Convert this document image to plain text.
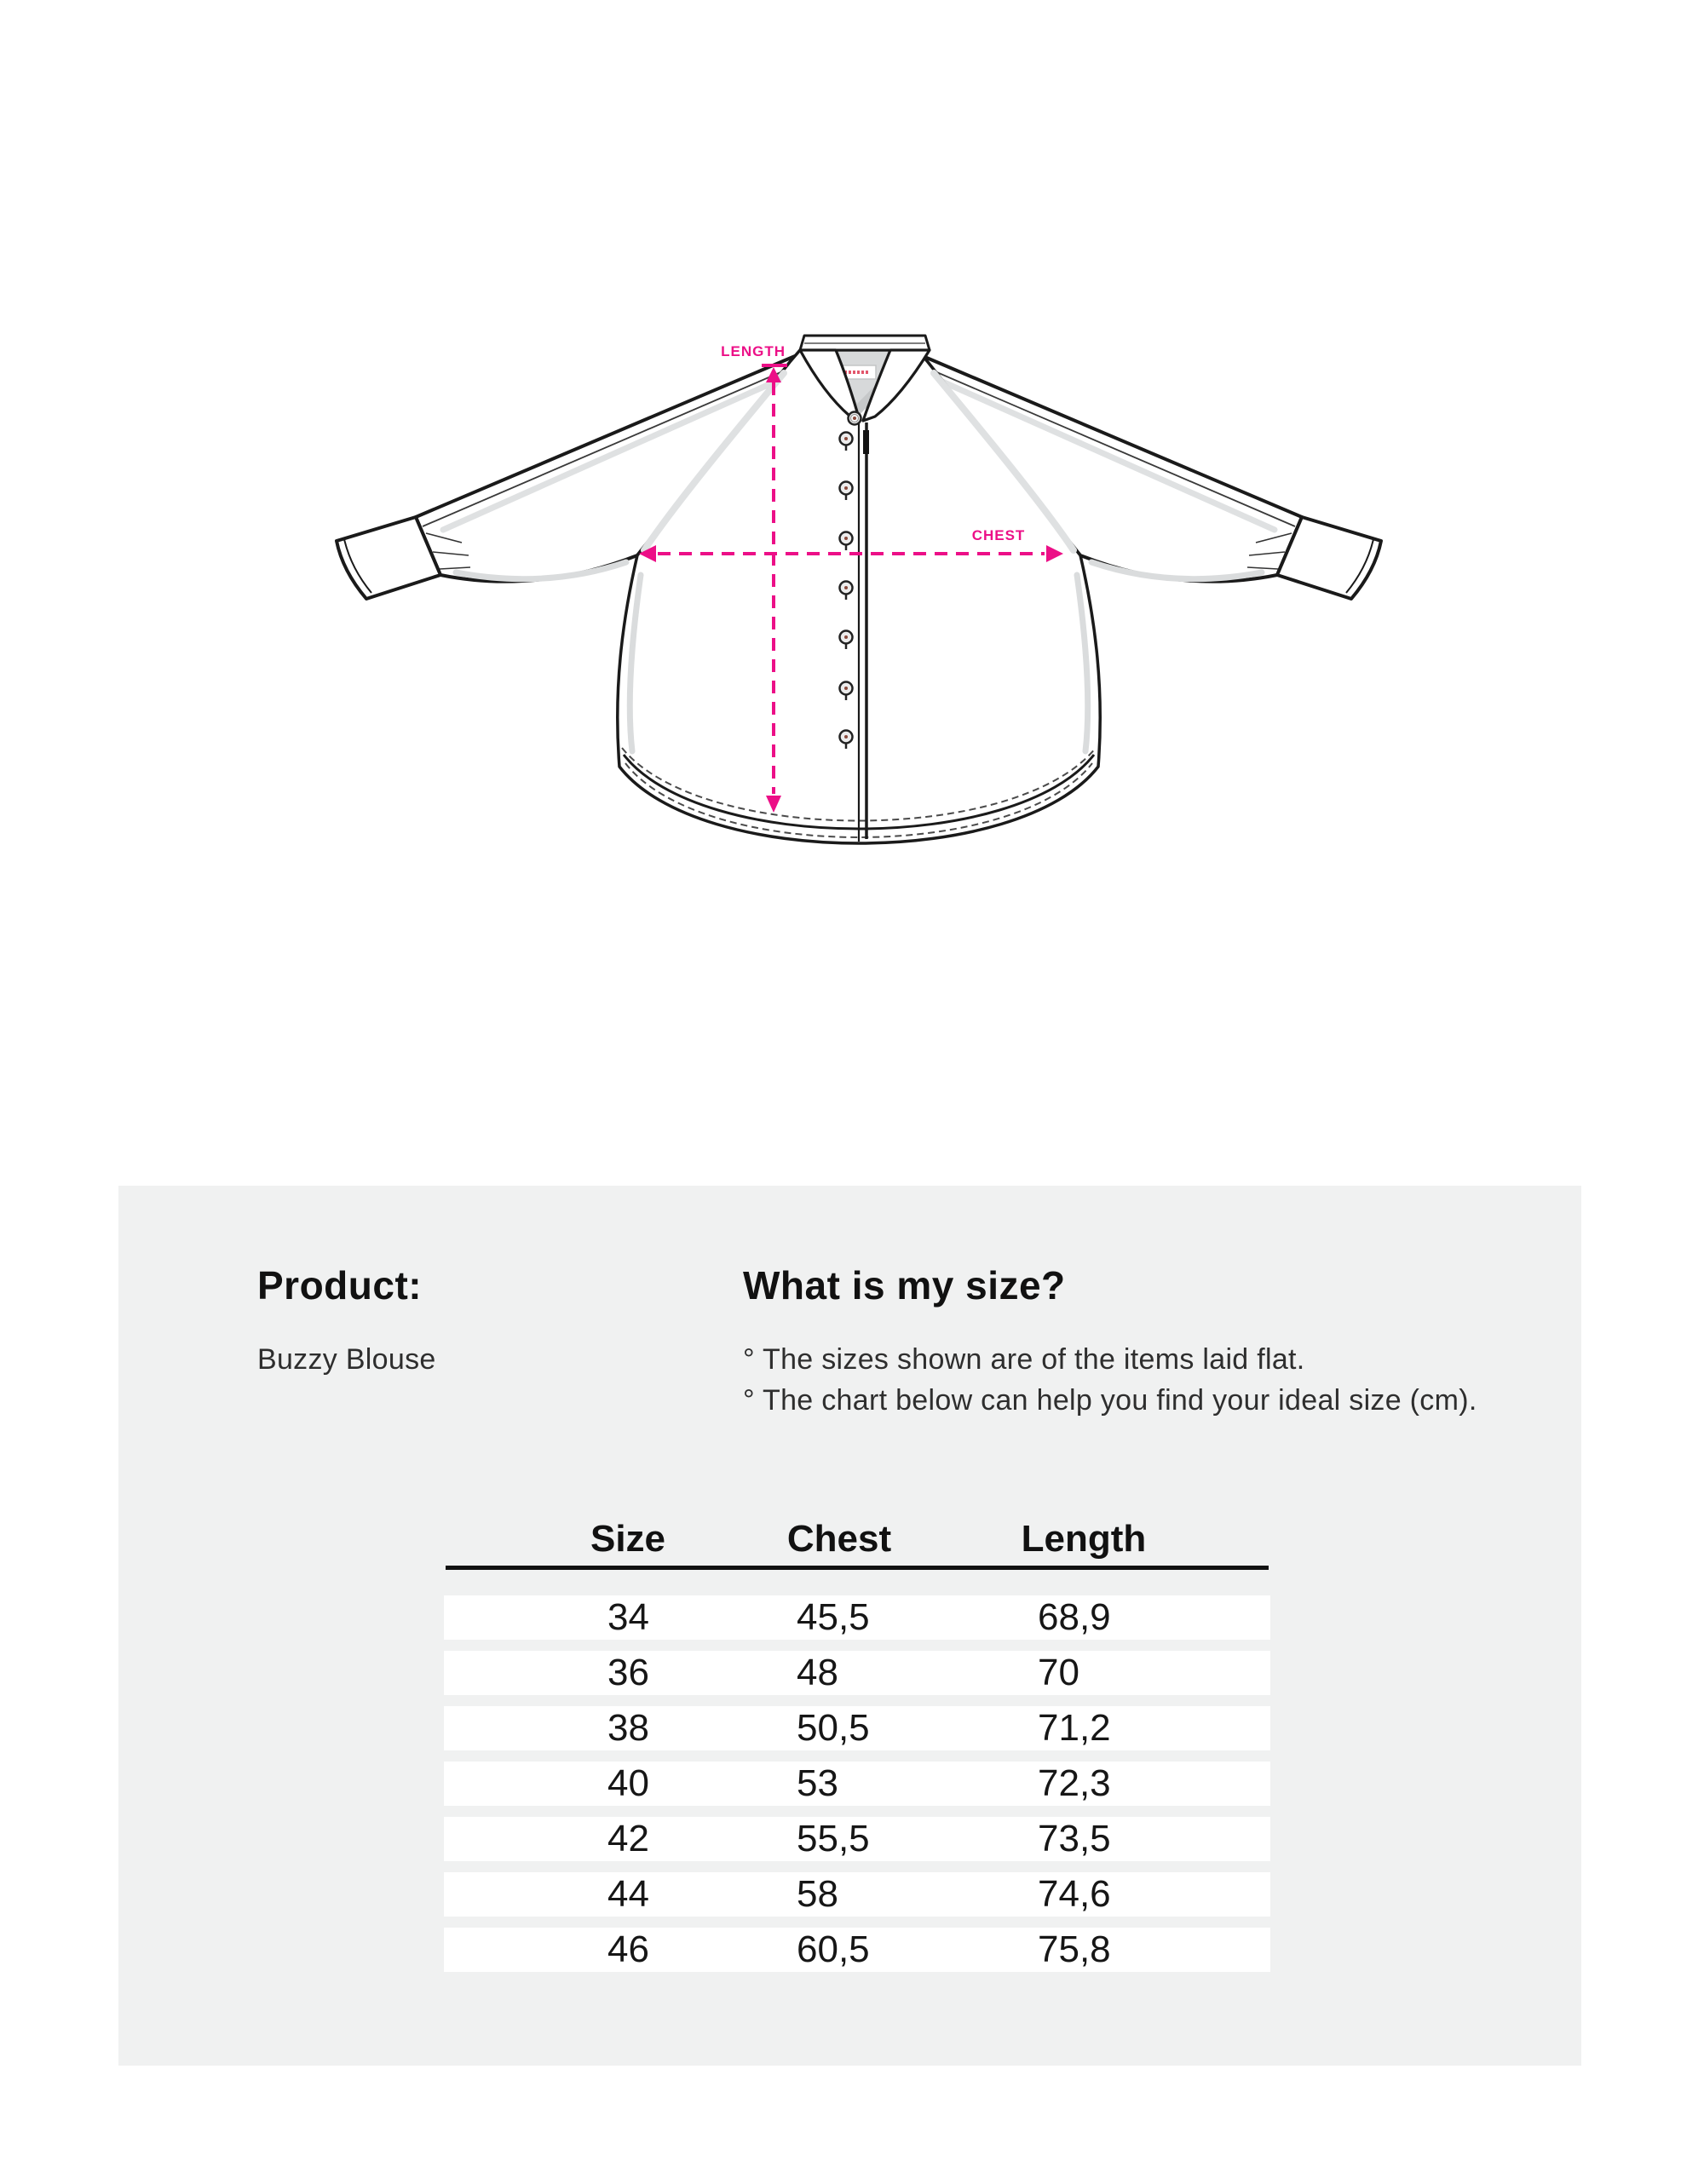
LENGTH
CHEST
Product:
Buzzy Blouse
What is my size?
° The sizes shown are of the items laid flat.
° The chart below can help you find your ideal size (cm).
Size	Chest	Length
34	45,5	68,9
36	48	70
38	50,5	71,2
40	53	72,3
42	55,5	73,5
44	58	74,6
46	60,5	75,8
